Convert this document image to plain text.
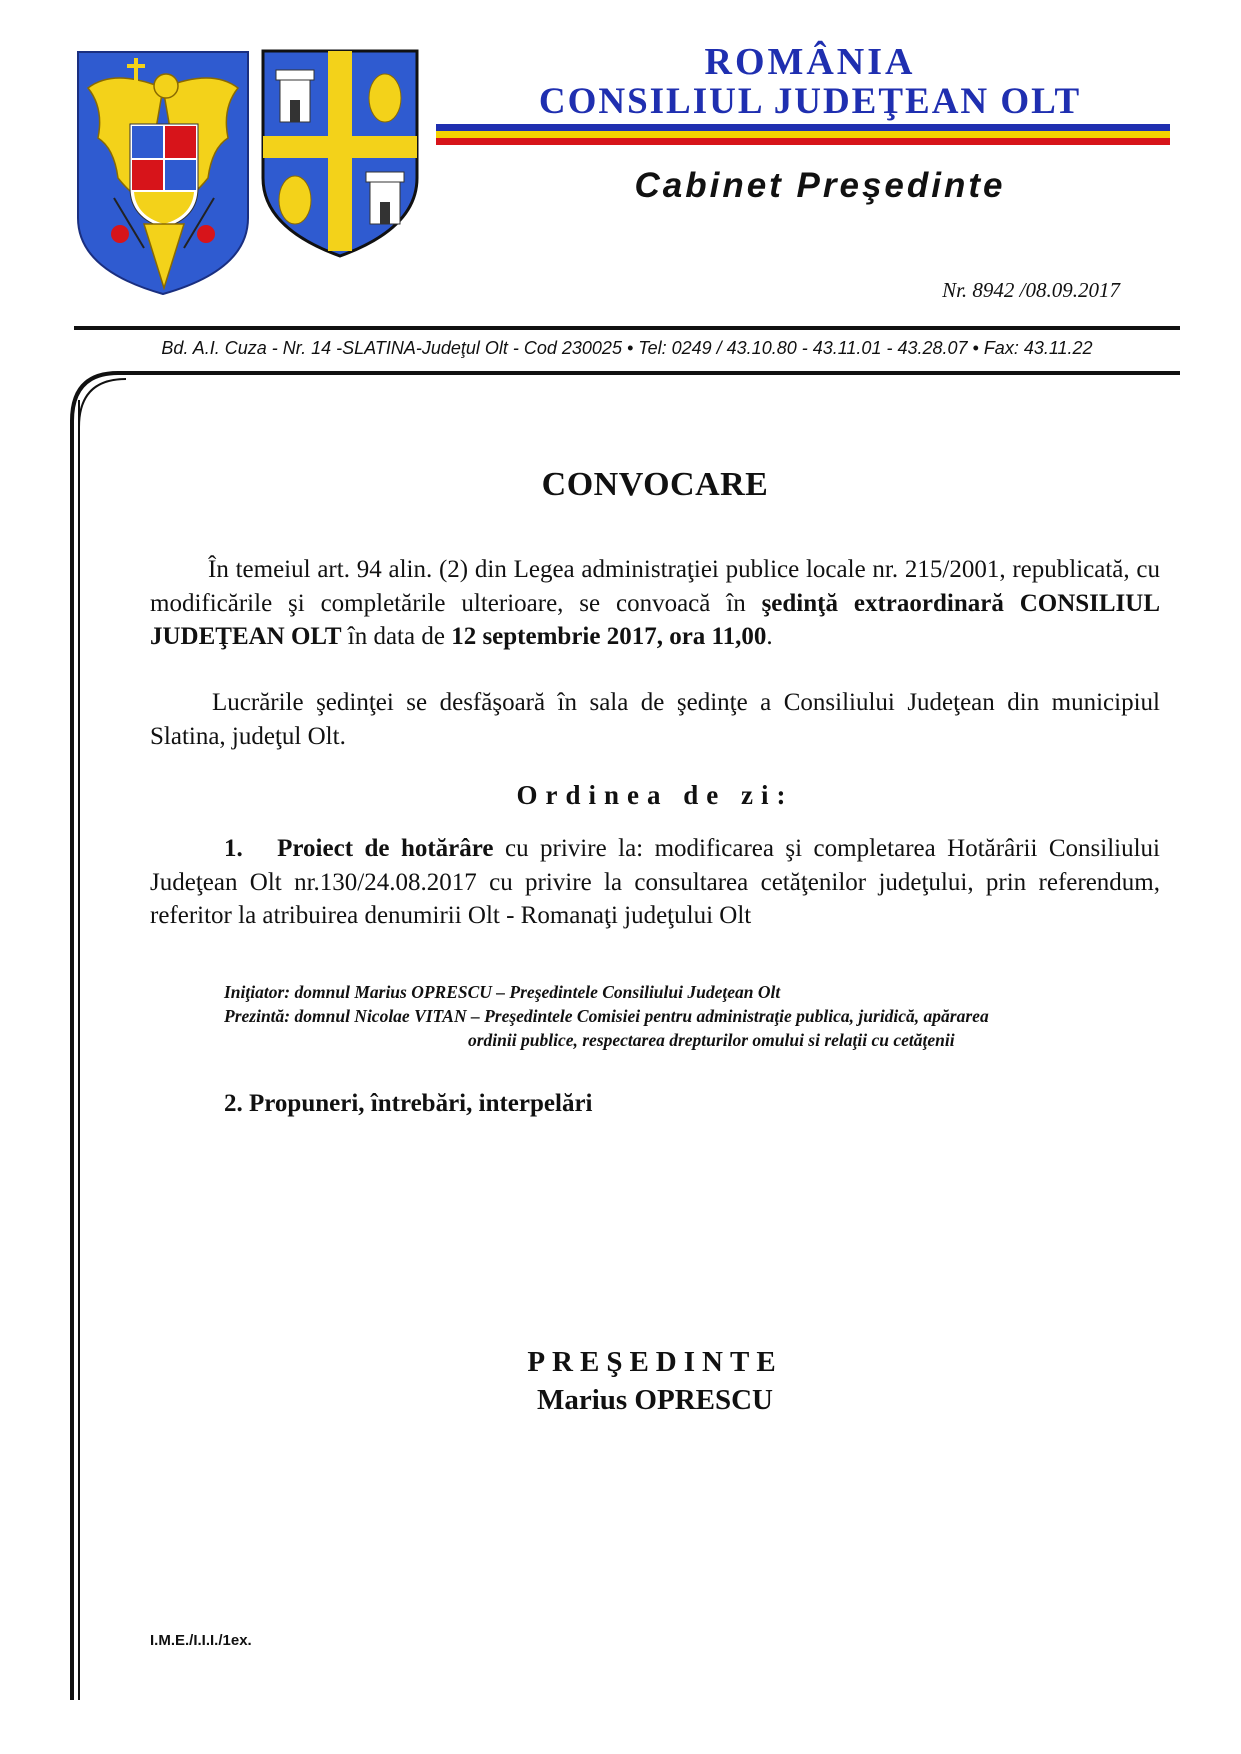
ROMÂNIA
CONSILIUL JUDEŢEAN OLT
Cabinet Preşedinte
Nr. 8942 /08.09.2017
Bd. A.I. Cuza - Nr. 14 -SLATINA-Judeţul Olt - Cod 230025 • Tel: 0249 / 43.10.80 - 43.11.01 - 43.28.07 • Fax: 43.11.22
CONVOCARE
În temeiul art. 94 alin. (2) din Legea administraţiei publice locale nr. 215/2001, republicată, cu modificările şi completările ulterioare, se convoacă în şedinţă extraordinară CONSILIUL JUDEŢEAN OLT în data de 12 septembrie 2017, ora 11,00.
Lucrările şedinţei se desfăşoară în sala de şedinţe a Consiliului Judeţean din municipiul Slatina, judeţul Olt.
Ordinea de zi:
1. Proiect de hotărâre cu privire la: modificarea şi completarea Hotărârii Consiliului Judeţean Olt nr.130/24.08.2017 cu privire la consultarea cetăţenilor judeţului, prin referendum, referitor la atribuirea denumirii Olt - Romanaţi judeţului Olt
Iniţiator: domnul Marius OPRESCU – Preşedintele Consiliului Judeţean Olt
Prezintă: domnul Nicolae VITAN – Preşedintele Comisiei pentru administraţie publica, juridică, apărarea
ordinii publice, respectarea drepturilor omului si relaţii cu cetăţenii
2. Propuneri, întrebări, interpelări
PREŞEDINTE
Marius OPRESCU
I.M.E./I.I.I./1ex.
